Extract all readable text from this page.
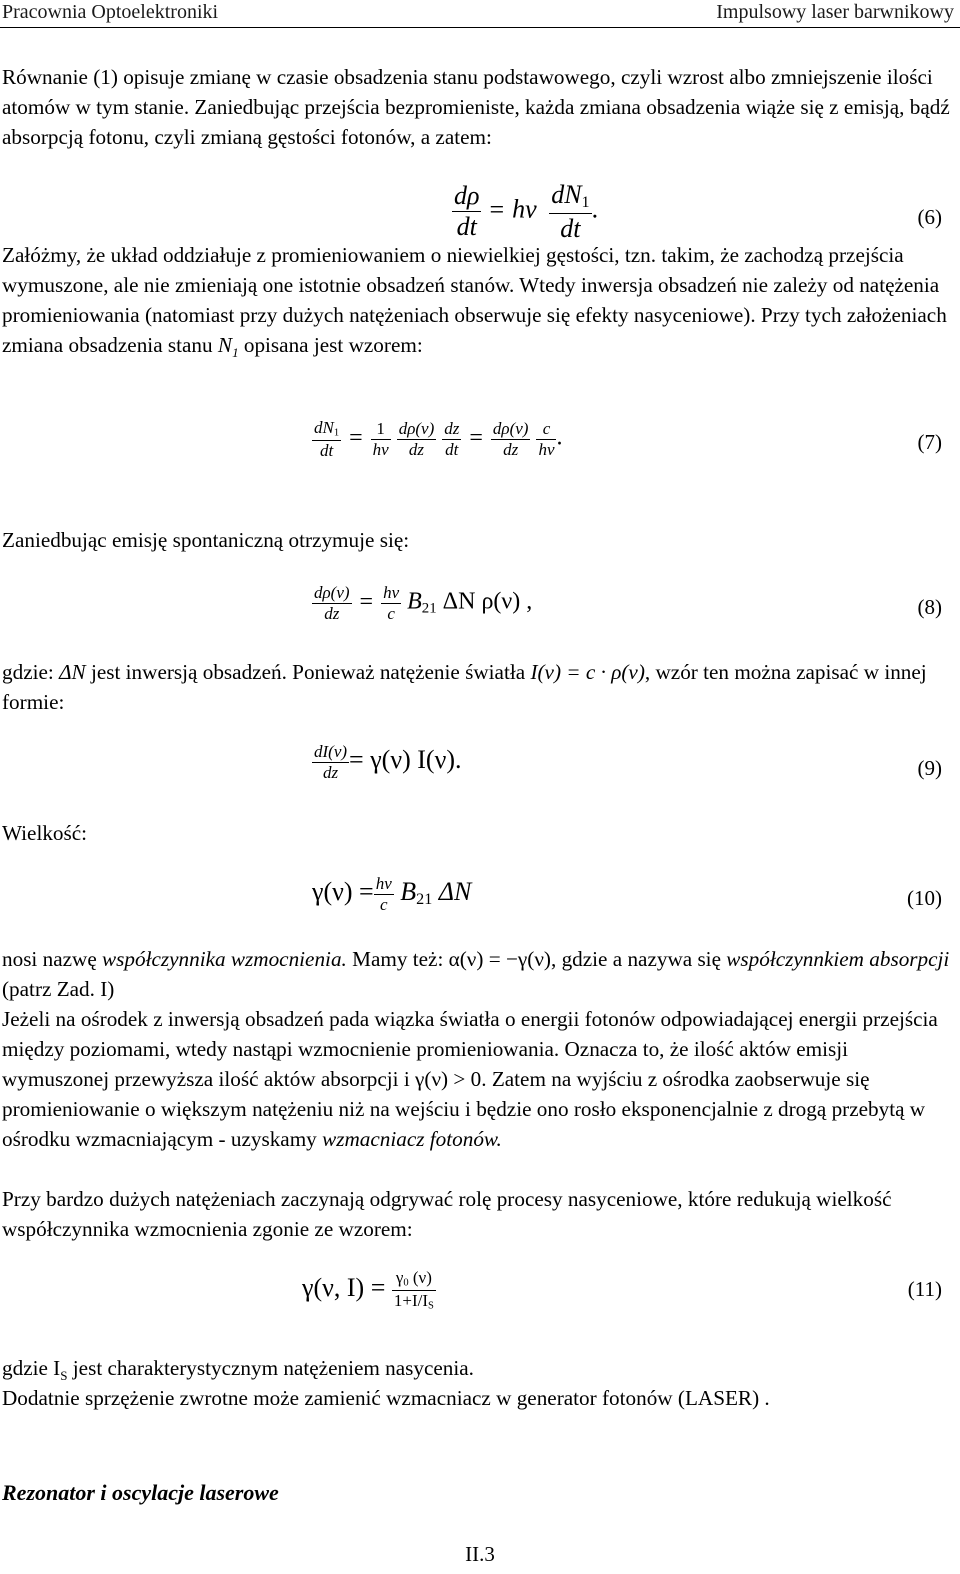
Pracownia Optoelektroniki	Impulsowy laser barwnikowy

Równanie (1) opisuje zmianę w czasie obsadzenia stanu podstawowego, czyli wzrost albo zmniejszenie ilości atomów w tym stanie. Zaniedbując przejścia bezpromieniste, każda zmiana obsadzenia wiąże się z emisją, bądź absorpcją fotonu, czyli zmianą gęstości fotonów, a zatem:

$\frac{d\rho}{dt} = h\nu \frac{dN_1}{dt}$ .	(6)

Załóżmy, że układ oddziałuje z promieniowaniem o niewielkiej gęstości, tzn. takim, że zachodzą przejścia wymuszone, ale nie zmieniają one istotnie obsadzeń stanów. Wtedy inwersja obsadzeń nie zależy od natężenia promieniowania (natomiast przy dużych natężeniach obserwuje się efekty nasyceniowe). Przy tych założeniach zmiana obsadzenia stanu $N_1$ opisana jest wzorem:

$\frac{dN_1}{dt} = \frac{1}{h\nu}$
$\frac{d\rho(\nu)}{dz}$
$\frac{dz}{dt} = \frac{d\rho(\nu)}{dz}$
$\frac{c}{h\nu}$ .	(7)

Zaniedbując emisję spontaniczną otrzymuje się:

$\frac{d\rho(\nu)}{dz} = \frac{h\nu}{c} B_{21}$ ΔN ρ(ν) ,	(8)

gdzie: ΔN jest inwersją obsadzeń. Ponieważ natężenie światła I(ν) = c · ρ(ν), wzór ten można zapisać w innej formie:

$\frac{dI(\nu)}{dz} = \gamma(\nu)$ I(ν).	(9)

Wielkość:

$\gamma(\nu) = \frac{h\nu}{c} B_{21}$ ΔN	(10)

nosi nazwę współczynnika wzmocnienia. Mamy też: α(ν) = −γ(ν), gdzie a nazywa się współczynnkiem absorpcji (patrz Zad. I)

Jeżeli na ośrodek z inwersją obsadzeń pada wiązka światła o energii fotonów odpowiadającej energii przejścia między poziomami, wtedy nastąpi wzmocnienie promieniowania. Oznacza to, że ilość aktów emisji wymuszonej przewyższa ilość aktów absorpcji i γ(ν) > 0. Zatem na wyjściu z ośrodka zaobserwuje się promieniowanie o większym natężeniu niż na wejściu i będzie ono rosło eksponencjalnie z drogą przebytą w ośrodku wzmacniającym - uzyskamy wzmacniacz fotonów.

Przy bardzo dużych natężeniach zaczynają odgrywać rolę procesy nasyceniowe, które redukują wielkość współczynnika wzmocnienia zgonie ze wzorem:

γ(ν, $I) = \frac{\gamma_0 (\nu)}{1+I/I_S}$	(11)

gdzie $I_S$ jest charakterystycznym natężeniem nasycenia.

Dodatnie sprzężenie zwrotne może zamienić wzmacniacz w generator fotonów (LASER) .

Rezonator i oscylacje laserowe
II.3
